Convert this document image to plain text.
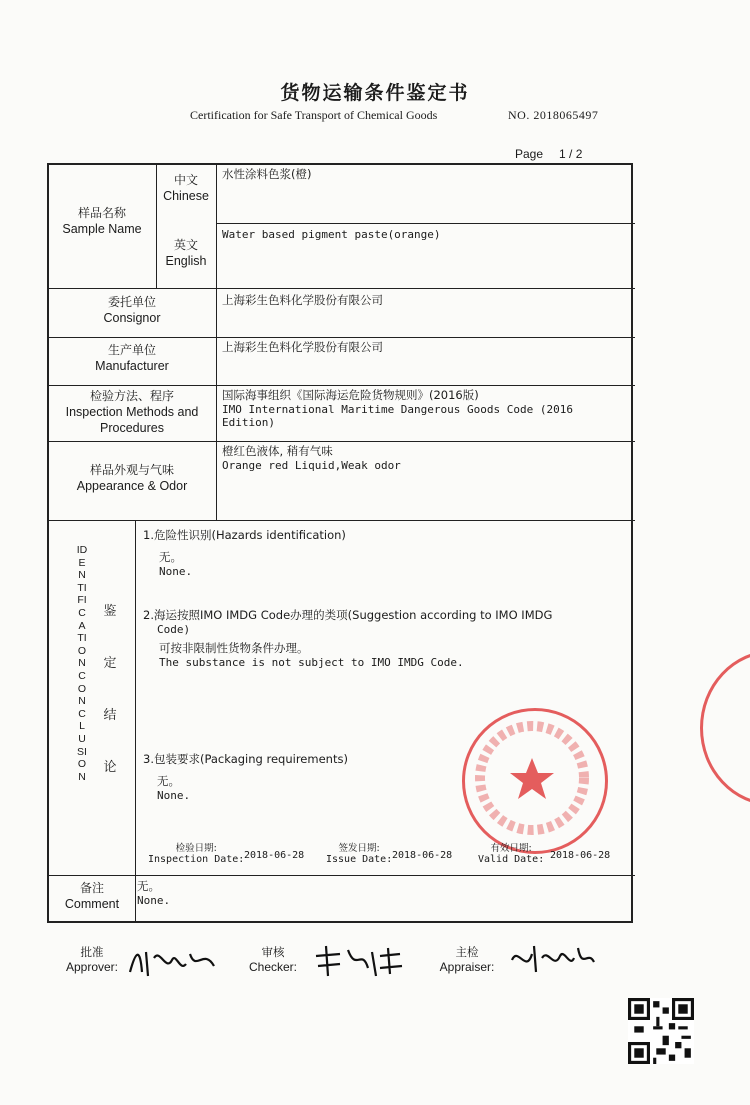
货物运输条件鉴定书
Certification for Safe Transport of Chemical Goods	NO. 2018065497
Page 1 / 2
样品名称
Sample Name
中文
Chinese
水性涂料色浆(橙)
英文
English
Water based pigment paste(orange)
委托单位
Consignor
上海彩生色料化学股份有限公司
生产单位
Manufacturer
上海彩生色料化学股份有限公司
检验方法、程序
Inspection Methods and
Procedures
国际海事组织《国际海运危险货物规则》(2016版)
IMO International Maritime Dangerous Goods Code (2016
Edition)
样品外观与气味
Appearance & Odor
橙红色液体, 稍有气味
Orange red Liquid,Weak odor
IDENTIFICATION CONCLUSION
鉴
定
结
论
1.危险性识别(Hazards identification)
无。
None.
2.海运按照IMO IMDG Code办理的类项(Suggestion according to IMO IMDG
Code)
可按非限制性货物条件办理。
The substance is not subject to IMO IMDG Code.
3.包装要求(Packaging requirements)
无。
None.
检验日期:
Inspection Date: 2018-06-28
签发日期:
Issue Date: 2018-06-28
有效日期:
Valid Date: 2018-06-28
备注
Comment
无。
None.
批准
Approver:
审核
Checker:
主检
Appraiser:
